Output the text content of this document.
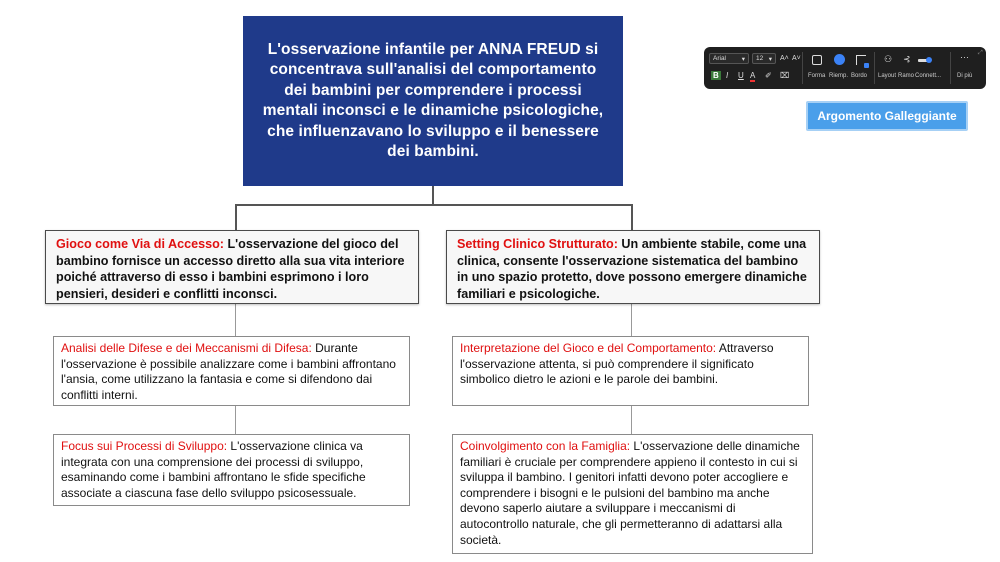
L'osservazione infantile per ANNA FREUD si concentrava sull'analisi del comportamento dei bambini per comprendere i processi mentali inconsci e le dinamiche psicologiche, che influenzavano lo sviluppo e il benessere dei bambini.
Gioco come Via di Accesso: L'osservazione del gioco del bambino fornisce un accesso diretto alla sua vita interiore poiché attraverso di esso i bambini esprimono i loro pensieri, desideri e conflitti inconsci.
Setting Clinico Strutturato: Un ambiente stabile, come una clinica, consente l'osservazione sistematica del bambino in uno spazio protetto, dove possono emergere dinamiche familiari e psicologiche.
Analisi delle Difese e dei Meccanismi di Difesa: Durante l'osservazione è possibile analizzare come i bambini affrontano l'ansia, come utilizzano la fantasia e come si difendono dai conflitti interni.
Focus sui Processi di Sviluppo: L'osservazione clinica va integrata con una comprensione dei processi di sviluppo, esaminando come i bambini affrontano le sfide specifiche associate a ciascuna fase dello sviluppo psicosessuale.
Interpretazione del Gioco e del Comportamento: Attraverso l'osservazione attenta, si può comprendere il significato simbolico dietro le azioni e le parole dei bambini.
Coinvolgimento con la Famiglia: L'osservazione delle dinamiche familiari è cruciale per comprendere appieno il contesto in cui si sviluppa il bambino. I genitori infatti devono poter accogliere e comprendere i bisogni e le pulsioni del bambino ma anche devono saperlo aiutare a sviluppare i meccanismi di autocontrollo naturale, che gli permetteranno di adattarsi alla società.
Arial ▾	12 ▾ A˄ A˅
B I U A ✐ ⌧	Forma Riemp. Bordo
⚇
Layout
⊰
Ramo Connett...
···
Di più
⤢
Argomento Galleggiante
